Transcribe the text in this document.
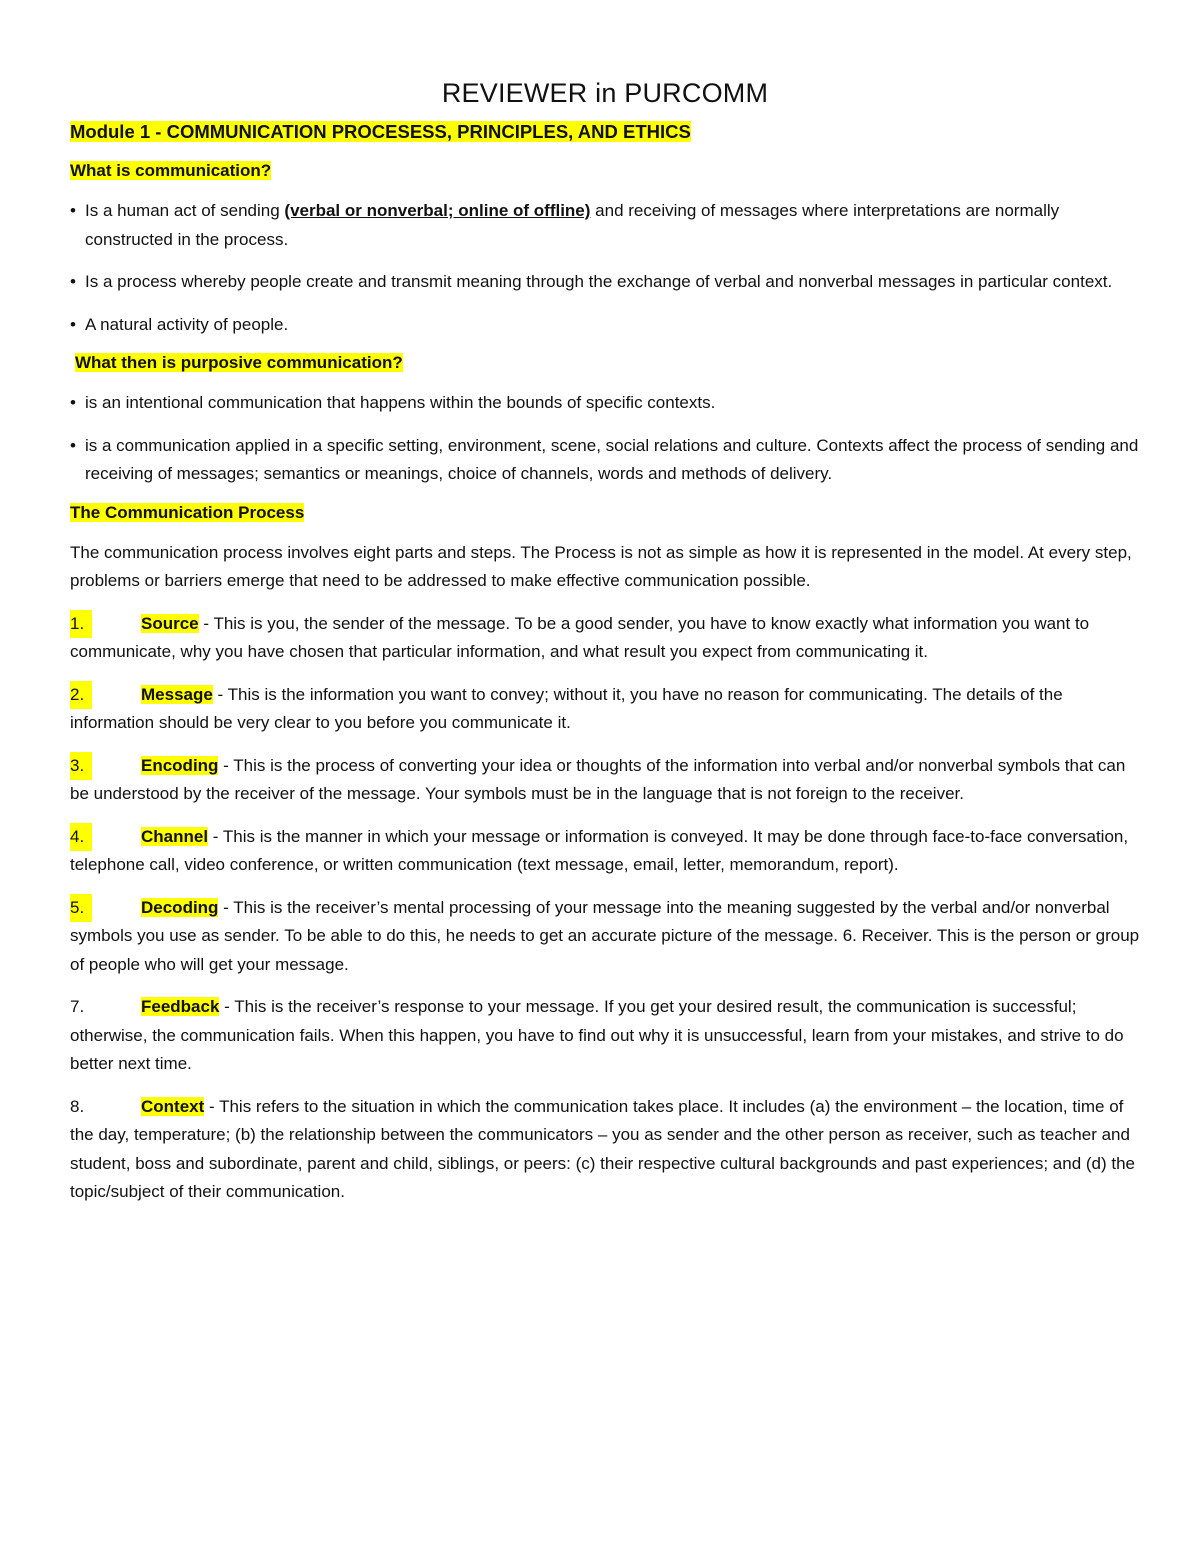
REVIEWER in PURCOMM
Module 1 - COMMUNICATION PROCESESS, PRINCIPLES, AND ETHICS
What is communication?
• Is a human act of sending (verbal or nonverbal; online of offline) and receiving of messages where interpretations are normally constructed in the process.
• Is a process whereby people create and transmit meaning through the exchange of verbal and nonverbal messages in particular context.
• A natural activity of people.
What then is purposive communication?
• is an intentional communication that happens within the bounds of specific contexts.
• is a communication applied in a specific setting, environment, scene, social relations and culture. Contexts affect the process of sending and receiving of messages; semantics or meanings, choice of channels, words and methods of delivery.
The Communication Process
The communication process involves eight parts and steps. The Process is not as simple as how it is represented in the model. At every step, problems or barriers emerge that need to be addressed to make effective communication possible.
1.	Source - This is you, the sender of the message. To be a good sender, you have to know exactly what information you want to communicate, why you have chosen that particular information, and what result you expect from communicating it.
2.	Message - This is the information you want to convey; without it, you have no reason for communicating. The details of the information should be very clear to you before you communicate it.
3.	Encoding - This is the process of converting your idea or thoughts of the information into verbal and/or nonverbal symbols that can be understood by the receiver of the message. Your symbols must be in the language that is not foreign to the receiver.
4.	Channel - This is the manner in which your message or information is conveyed. It may be done through face-to-face conversation, telephone call, video conference, or written communication (text message, email, letter, memorandum, report).
5.	Decoding - This is the receiver’s mental processing of your message into the meaning suggested by the verbal and/or nonverbal symbols you use as sender. To be able to do this, he needs to get an accurate picture of the message. 6. Receiver. This is the person or group of people who will get your message.
7.	Feedback - This is the receiver’s response to your message. If you get your desired result, the communication is successful; otherwise, the communication fails. When this happen, you have to find out why it is unsuccessful, learn from your mistakes, and strive to do better next time.
8.	Context - This refers to the situation in which the communication takes place. It includes (a) the environment – the location, time of the day, temperature; (b) the relationship between the communicators – you as sender and the other person as receiver, such as teacher and student, boss and subordinate, parent and child, siblings, or peers: (c) their respective cultural backgrounds and past experiences; and (d) the topic/subject of their communication.
